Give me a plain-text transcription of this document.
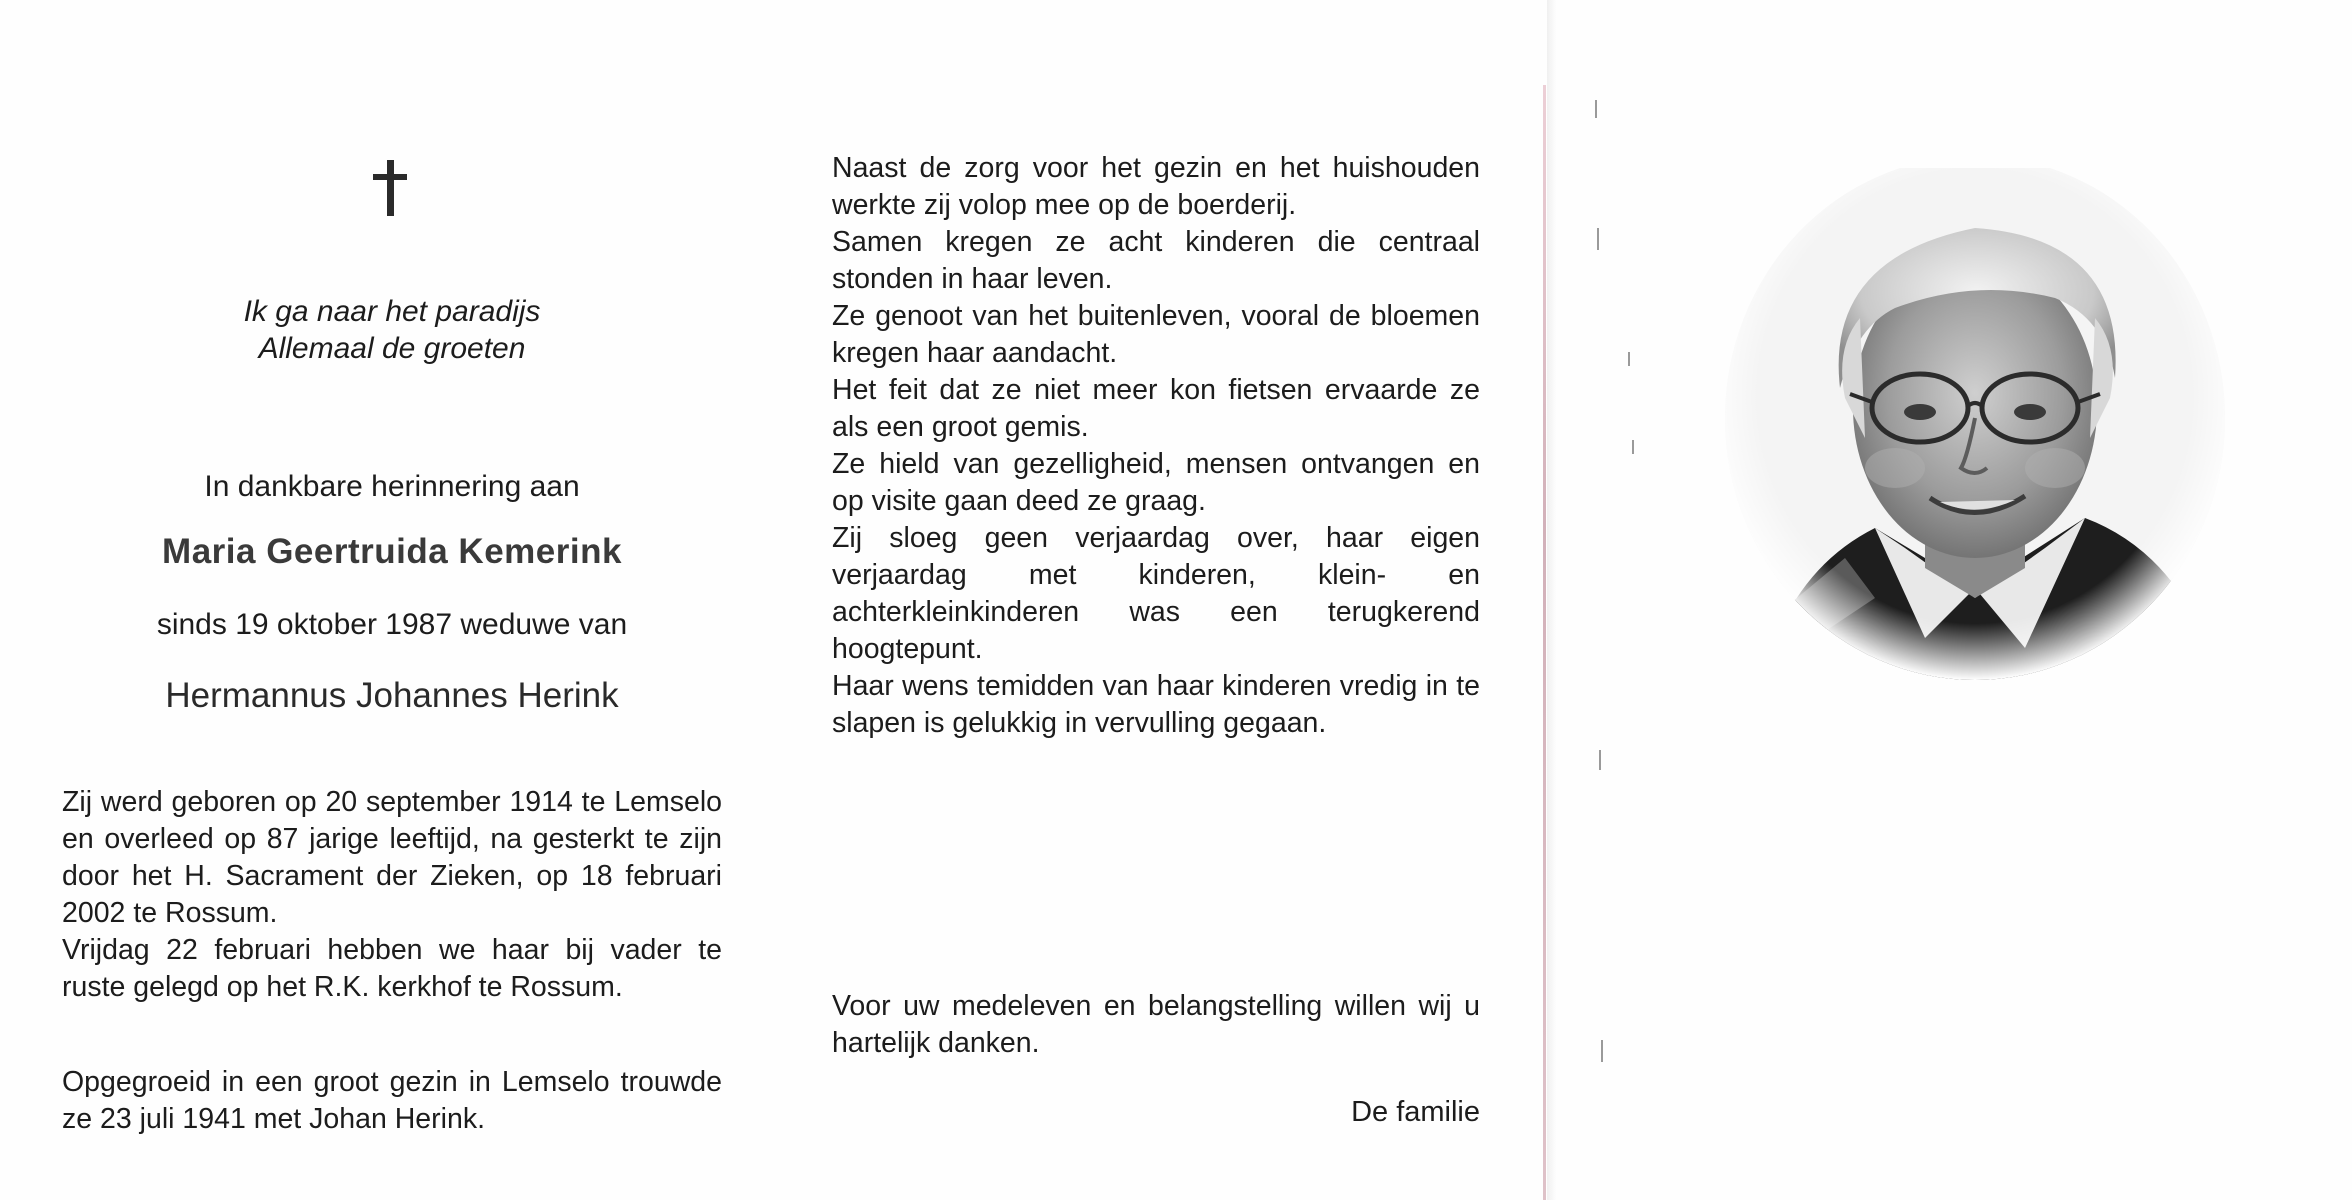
Ik ga naar het paradijs
Allemaal de groeten
In dankbare herinnering aan
Maria Geertruida Kemerink
sinds 19 oktober 1987 weduwe van
Hermannus Johannes Herink

Zij werd geboren op 20 september 1914 te Lemselo en overleed op 87 jarige leeftijd, na gesterkt te zijn door het H. Sacrament der Zieken, op 18 februari 2002 te Rossum.

Vrijdag 22 februari hebben we haar bij vader te ruste gelegd op het R.K. kerkhof te Rossum.

Opgegroeid in een groot gezin in Lemselo trouwde ze 23 juli 1941 met Johan Herink.

Naast de zorg voor het gezin en het huishouden werkte zij volop mee op de boerderij.

Samen kregen ze acht kinderen die centraal stonden in haar leven.

Ze genoot van het buitenleven, vooral de bloemen kregen haar aandacht.

Het feit dat ze niet meer kon fietsen ervaarde ze als een groot gemis.

Ze hield van gezelligheid, mensen ontvangen en op visite gaan deed ze graag.

Zij sloeg geen verjaardag over, haar eigen verjaardag met kinderen, klein- en achterkleinkinderen was een terugkerend hoogtepunt.

Haar wens temidden van haar kinderen vredig in te slapen is gelukkig in vervulling gegaan.

Voor uw medeleven en belangstelling willen wij u hartelijk danken.
De familie
